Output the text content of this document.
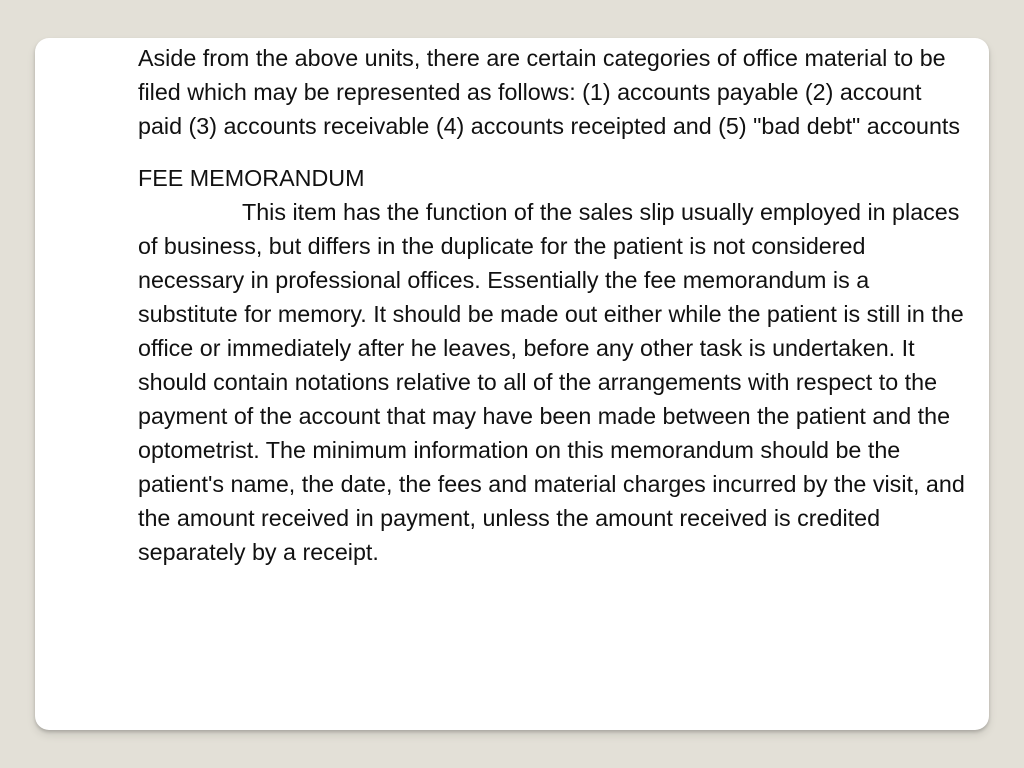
Aside from the above units, there are certain categories of office material to be filed which may be represented as follows: (1) accounts payable (2) account paid (3) accounts receivable (4) accounts receipted and (5) "bad debt" accounts

FEE MEMORANDUM

This item has the function of the sales slip usually employed in places of business, but differs in the duplicate for the patient is not considered necessary in professional offices. Essentially the fee memorandum is a substitute for memory. It should be made out either while the patient is still in the office or immediately after he leaves, before any other task is undertaken. It should contain notations relative to all of the arrangements with respect to the payment of the account that may have been made between the patient and the optometrist. The minimum information on this memorandum should be the patient's name, the date, the fees and material charges incurred by the visit, and the amount received in payment, unless the amount received is credited separately by a receipt.
